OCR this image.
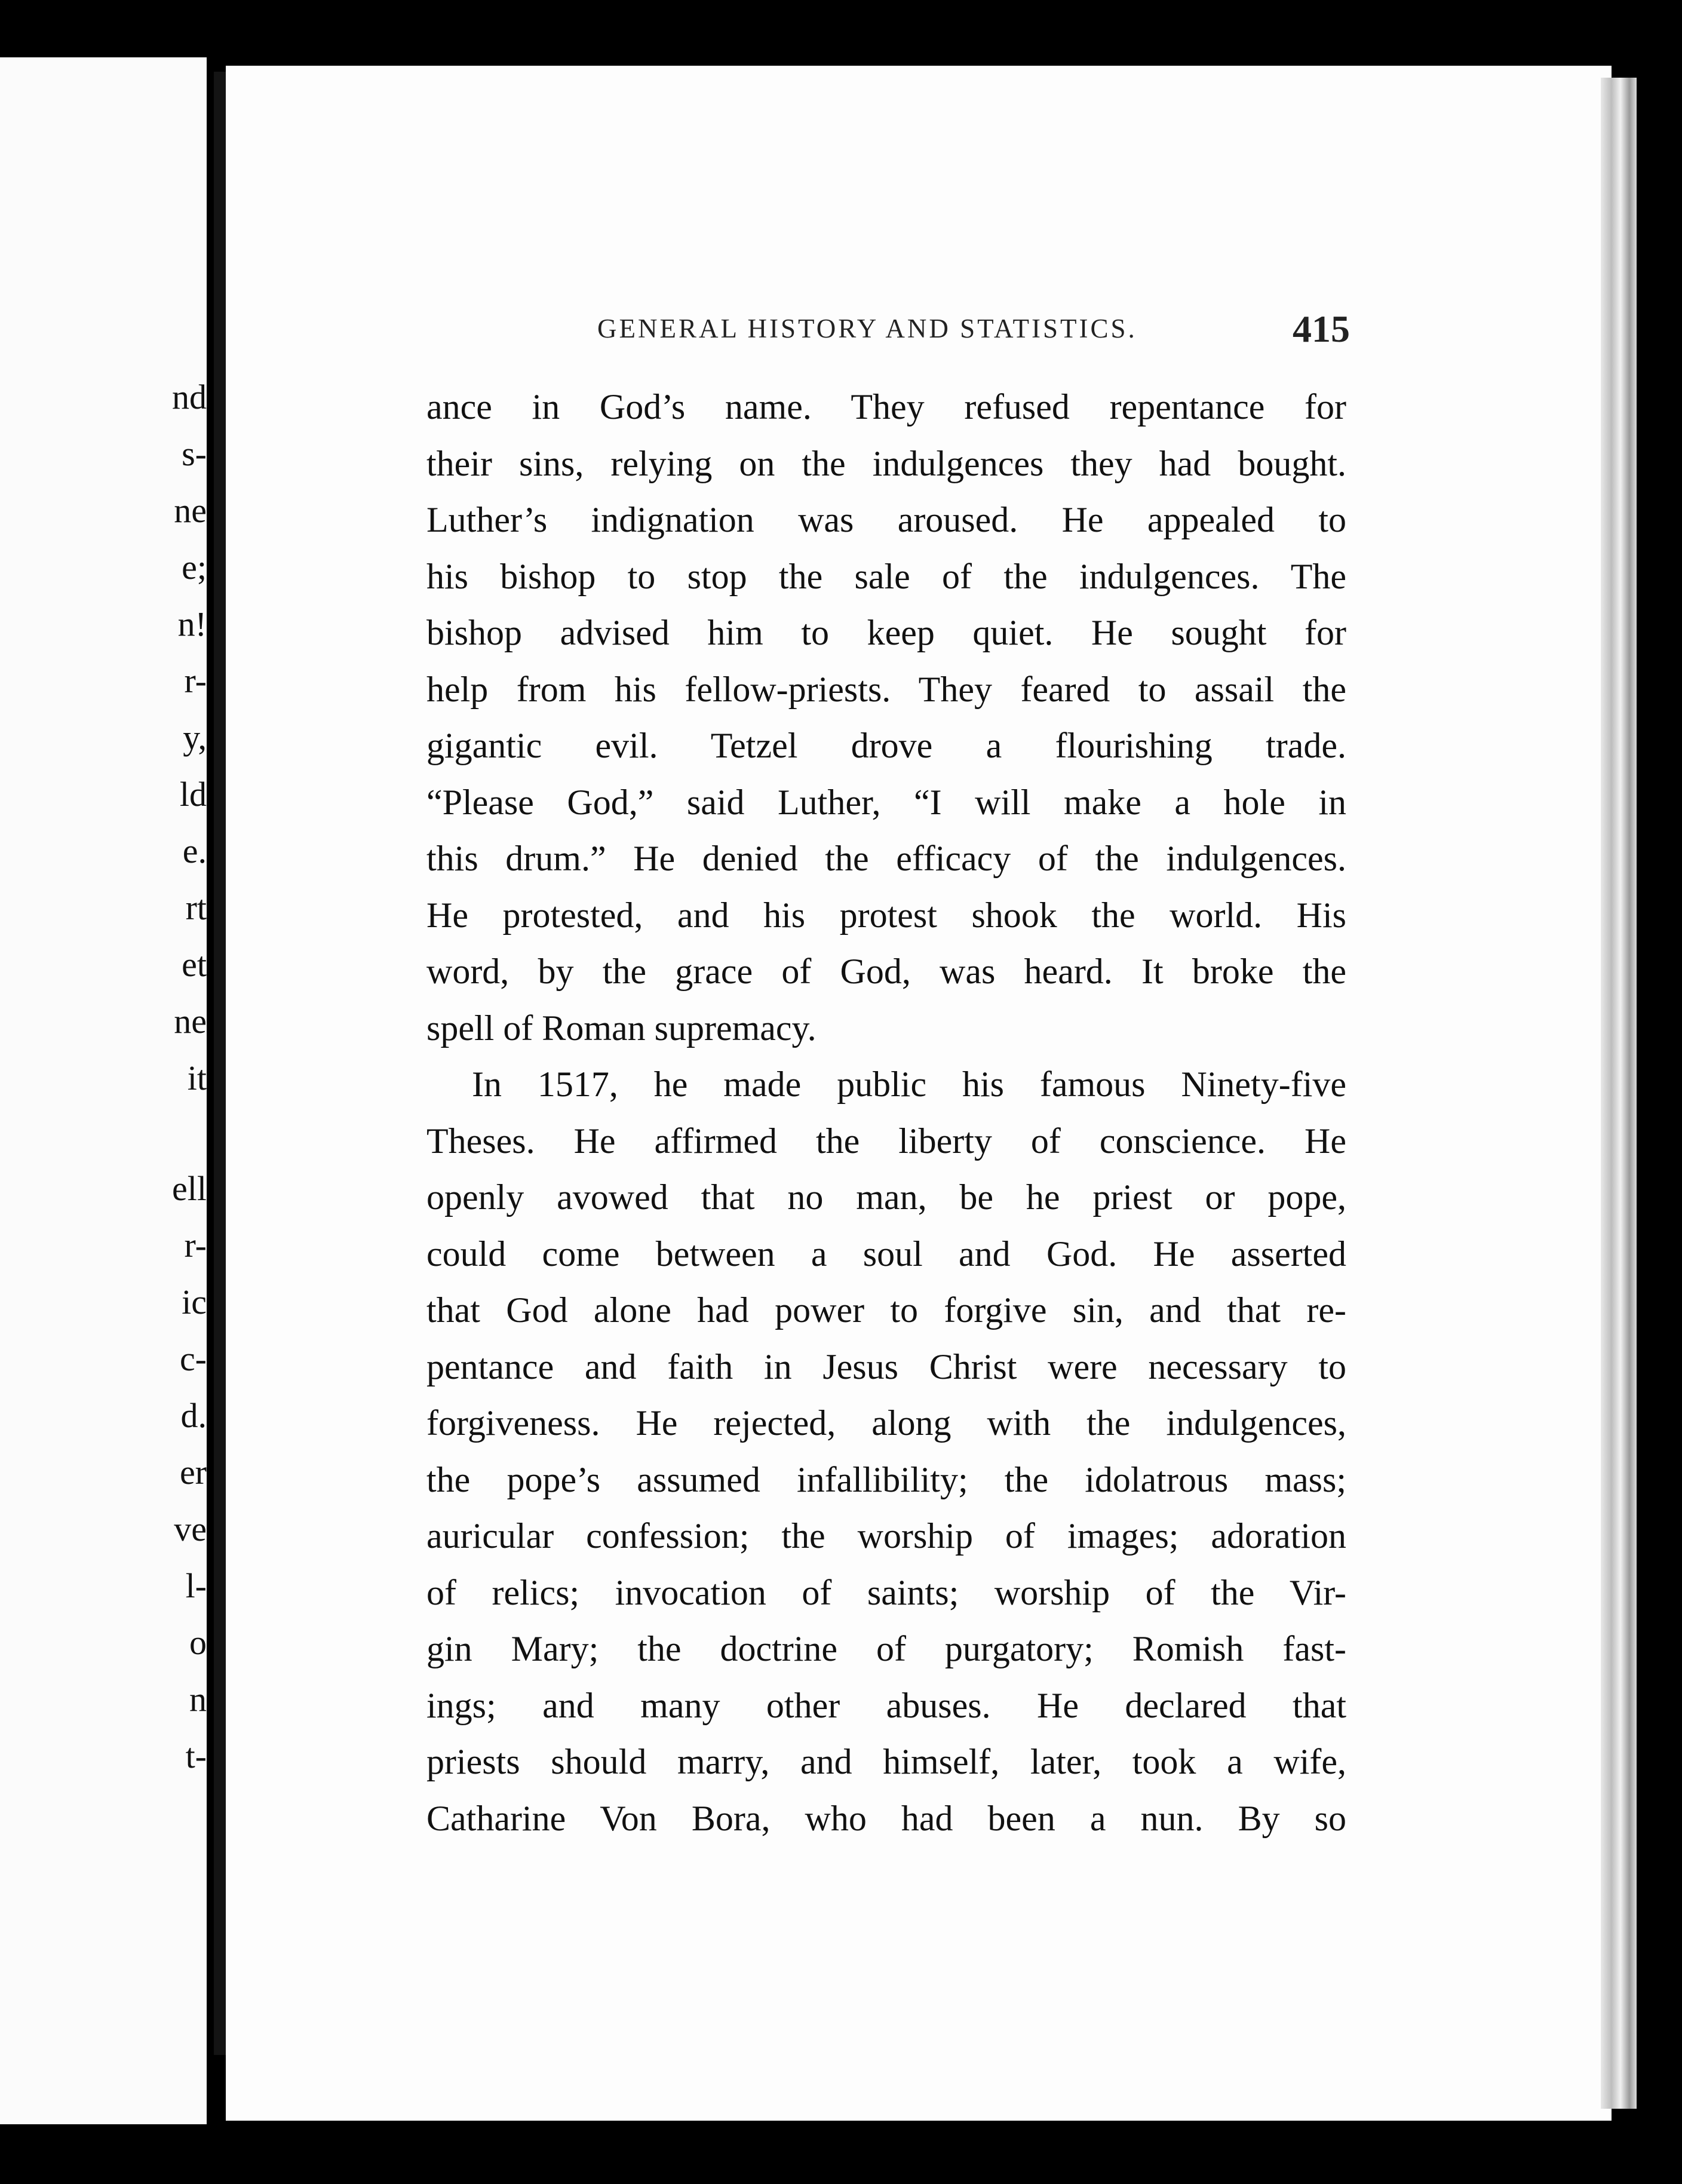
nd
s-
ne
e;
n!
r-
y,
ld
e.
rt
et
ne
it
ell
r-
ic
c-
d.
er
ve
l-
o
n
t-
GENERAL HISTORY AND STATISTICS.	415
ance in God’s name. They refused repentance for
their sins, relying on the indulgences they had bought.
Luther’s indignation was aroused. He appealed to
his bishop to stop the sale of the indulgences. The
bishop advised him to keep quiet. He sought for
help from his fellow-priests. They feared to assail the
gigantic evil. Tetzel drove a flourishing trade.
“Please God,” said Luther, “I will make a hole in
this drum.” He denied the efficacy of the indulgences.
He protested, and his protest shook the world. His
word, by the grace of God, was heard. It broke the
spell of Roman supremacy.
In 1517, he made public his famous Ninety-five
Theses. He affirmed the liberty of conscience. He
openly avowed that no man, be he priest or pope,
could come between a soul and God. He asserted
that God alone had power to forgive sin, and that re-
pentance and faith in Jesus Christ were necessary to
forgiveness. He rejected, along with the indulgences,
the pope’s assumed infallibility; the idolatrous mass;
auricular confession; the worship of images; adoration
of relics; invocation of saints; worship of the Vir-
gin Mary; the doctrine of purgatory; Romish fast-
ings; and many other abuses. He declared that
priests should marry, and himself, later, took a wife,
Catharine Von Bora, who had been a nun. By so
